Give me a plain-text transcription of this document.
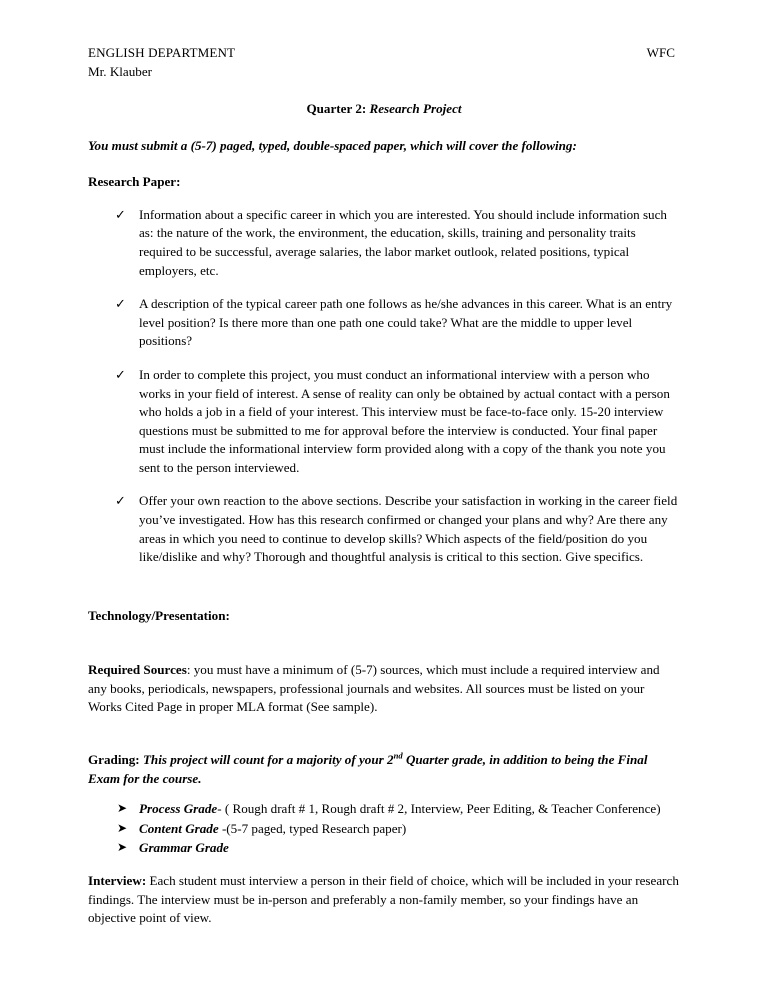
ENGLISH DEPARTMENT
Mr. Klauber
WFC
Quarter 2: Research Project
You must submit a (5-7) paged, typed, double-spaced paper, which will cover the following:
Research Paper:
✓ Information about a specific career in which you are interested. You should include information such as: the nature of the work, the environment, the education, skills, training and personality traits required to be successful, average salaries, the labor market outlook, related positions, typical employers, etc.
✓ A description of the typical career path one follows as he/she advances in this career. What is an entry level position? Is there more than one path one could take? What are the middle to upper level positions?
✓ In order to complete this project, you must conduct an informational interview with a person who works in your field of interest. A sense of reality can only be obtained by actual contact with a person who holds a job in a field of your interest. This interview must be face-to-face only. 15-20 interview questions must be submitted to me for approval before the interview is conducted. Your final paper must include the informational interview form provided along with a copy of the thank you note you sent to the person interviewed.
✓ Offer your own reaction to the above sections. Describe your satisfaction in working in the career field you’ve investigated. How has this research confirmed or changed your plans and why? Are there any areas in which you need to continue to develop skills? Which aspects of the field/position do you like/dislike and why? Thorough and thoughtful analysis is critical to this section. Give specifics.
Technology/Presentation:
Required Sources: you must have a minimum of (5-7) sources, which must include a required interview and any books, periodicals, newspapers, professional journals and websites. All sources must be listed on your Works Cited Page in proper MLA format (See sample).
Grading: This project will count for a majority of your 2nd Quarter grade, in addition to being the Final Exam for the course.
➤ Process Grade- ( Rough draft # 1, Rough draft # 2, Interview, Peer Editing, & Teacher Conference)
➤ Content Grade -(5-7 paged, typed Research paper)
➤ Grammar Grade
Interview: Each student must interview a person in their field of choice, which will be included in your research findings. The interview must be in-person and preferably a non-family member, so your findings have an objective point of view.
